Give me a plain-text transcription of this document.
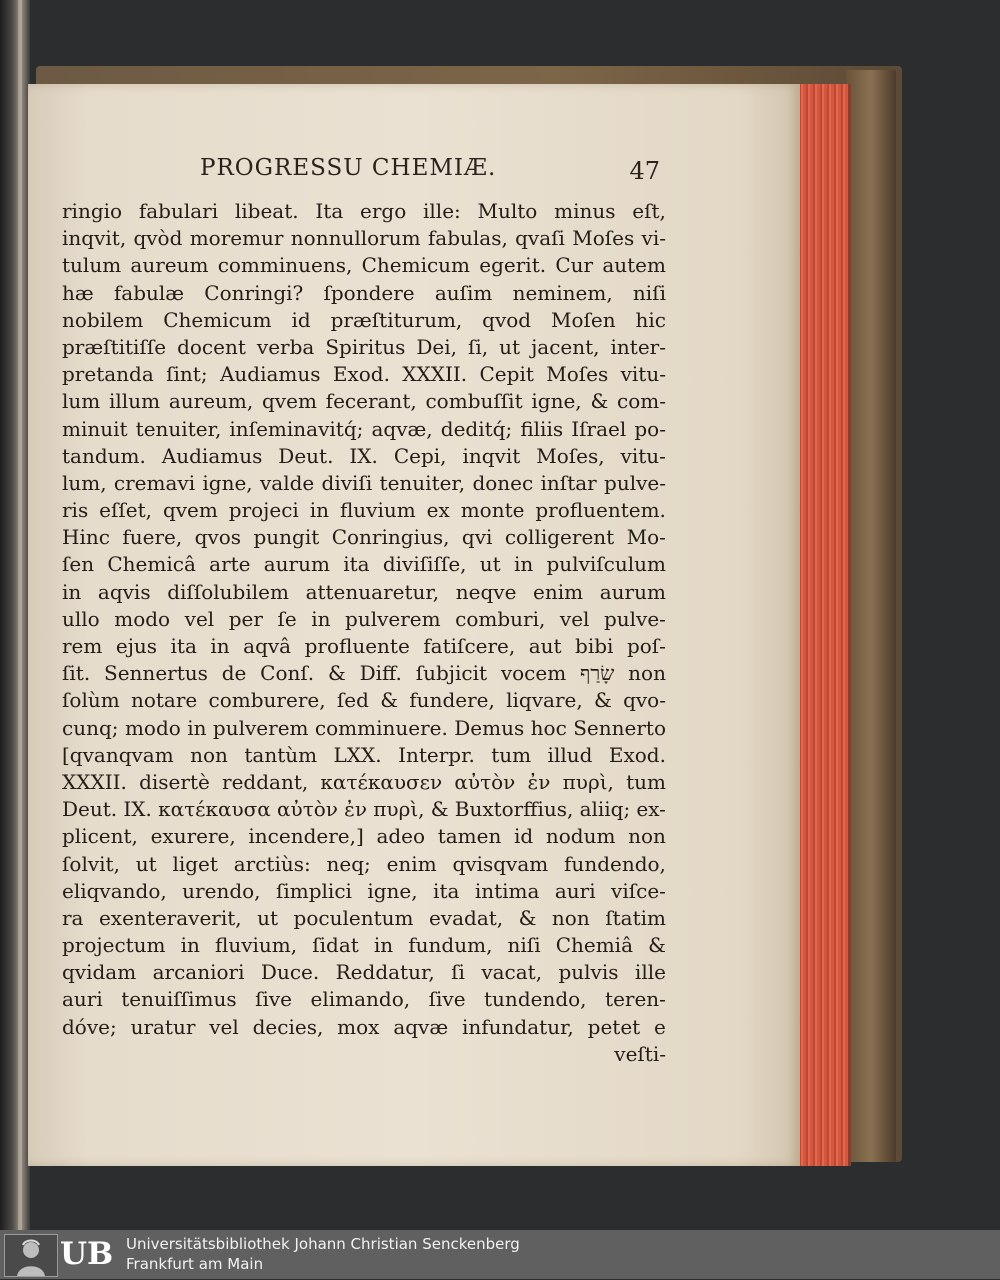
PROGRESSU CHEMIÆ.	47
ringio fabulari libeat. Ita ergo ille: Multo minus eſt,
inqvit, qvòd moremur nonnullorum fabulas, qvaſi Moſes vi-
tulum aureum comminuens, Chemicum egerit. Cur autem
hæ fabulæ Conringi? ſpondere auſim neminem, niſi
nobilem Chemicum id præſtiturum, qvod Moſen hic
præſtitiſſe docent verba Spiritus Dei, ſi, ut jacent, inter-
pretanda ſint; Audiamus Exod. XXXII. Cepit Moſes vitu-
lum illum aureum, qvem fecerant, combuſſit igne, & com-
minuit tenuiter, inſeminavitq́; aqvæ, deditq́; filiis Iſrael po-
tandum. Audiamus Deut. IX. Cepi, inqvit Moſes, vitu-
lum, cremavi igne, valde diviſi tenuiter, donec inſtar pulve-
ris eſſet, qvem projeci in fluvium ex monte profluentem.
Hinc fuere, qvos pungit Conringius, qvi colligerent Mo-
ſen Chemicâ arte aurum ita diviſiſſe, ut in pulviſculum
in aqvis diſſolubilem attenuaretur, neqve enim aurum
ullo modo vel per ſe in pulverem comburi, vel pulve-
rem ejus ita in aqvâ profluente fatiſcere, aut bibi poſ-
ſit. Sennertus de Conſ. & Diff. ſubjicit vocem שָׂרַף non
ſolùm notare comburere, ſed & fundere, liqvare, & qvo-
cunq; modo in pulverem comminuere. Demus hoc Sennerto
[qvanqvam non tantùm LXX. Interpr. tum illud Exod.
XXXII. disertè reddant, κατέκαυσεν αὐτὸν ἐν πυρὶ, tum
Deut. IX. κατέκαυσα αὐτὸν ἐν πυρὶ, & Buxtorffius, aliiq; ex-
plicent, exurere, incendere,] adeo tamen id nodum non
ſolvit, ut liget arctiùs: neq; enim qvisqvam fundendo,
eliqvando, urendo, ſimplici igne, ita intima auri viſce-
ra exenteraverit, ut poculentum evadat, & non ſtatim
projectum in fluvium, ſidat in fundum, niſi Chemiâ &
qvidam arcaniori Duce. Reddatur, ſi vacat, pulvis ille
auri tenuiſſimus ſive elimando, ſive tundendo, teren-
dóve; uratur vel decies, mox aqvæ infundatur, petet e
veſti-
UB Universitätsbibliothek Johann Christian Senckenberg
Frankfurt am Main
